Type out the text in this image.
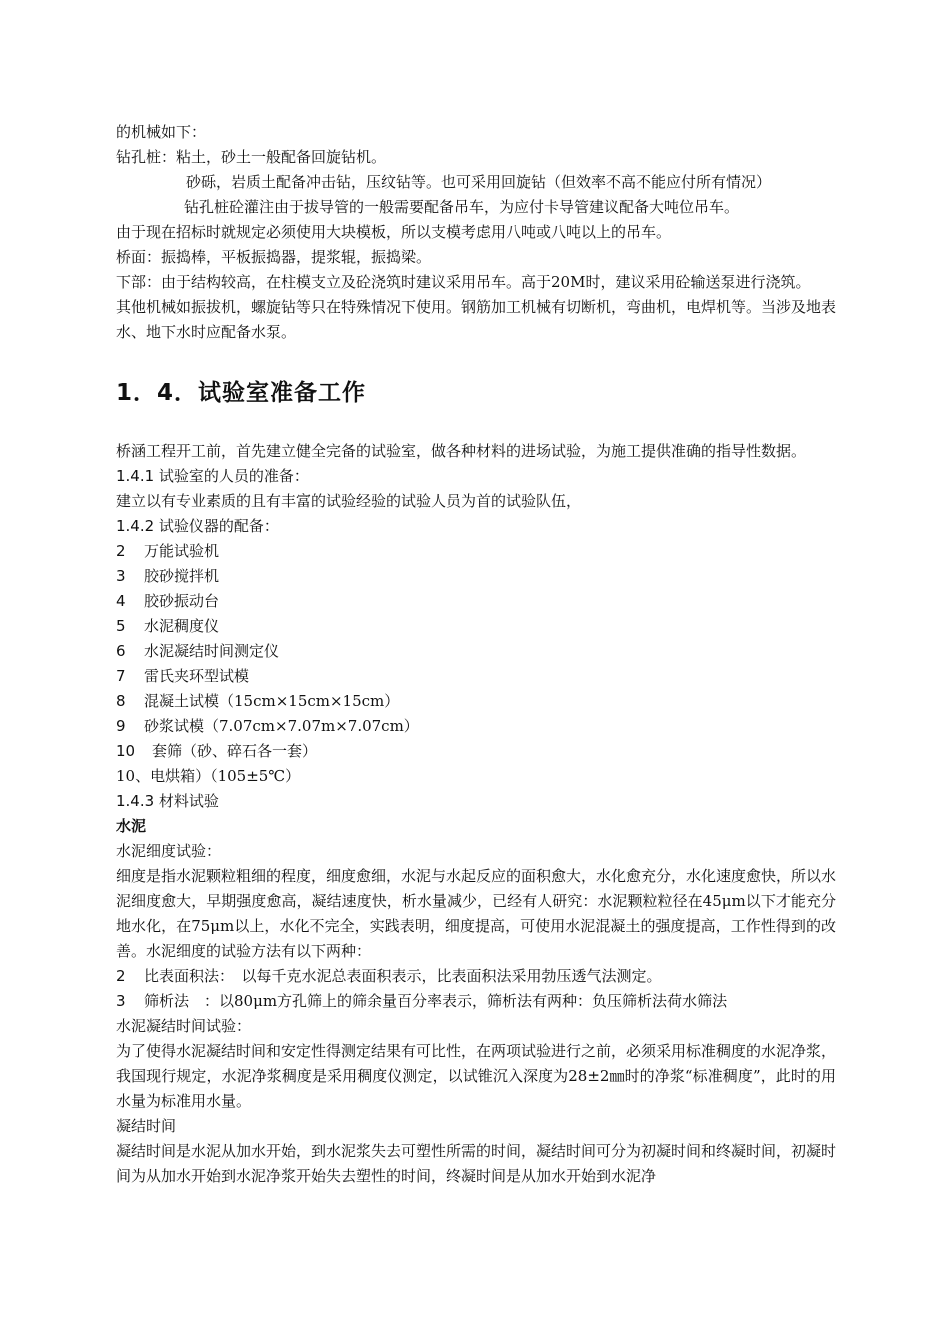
的机械如下：

钻孔桩：粘土，砂土一般配备回旋钻机。

砂砾，岩质土配备冲击钻，压纹钻等。也可采用回旋钻（但效率不高不能应付所有情况）

钻孔桩砼灌注由于拔导管的一般需要配备吊车，为应付卡导管建议配备大吨位吊车。

由于现在招标时就规定必须使用大块模板，所以支模考虑用八吨或八吨以上的吊车。

桥面：振捣棒，平板振捣器，提浆辊，振捣梁。

下部：由于结构较高，在柱模支立及砼浇筑时建议采用吊车。高于20M时，建议采用砼输送泵进行浇筑。

其他机械如振拔机，螺旋钻等只在特殊情况下使用。钢筋加工机械有切断机，弯曲机，电焊机等。当涉及地表水、地下水时应配备水泵。

1．4．试验室准备工作

桥涵工程开工前，首先建立健全完备的试验室，做各种材料的进场试验，为施工提供准确的指导性数据。

1.4.1 试验室的人员的准备：

建立以有专业素质的且有丰富的试验经验的试验人员为首的试验队伍，

1.4.2 试验仪器的配备：

2	万能试验机
3	胶砂搅拌机
4	胶砂振动台
5	水泥稠度仪
6	水泥凝结时间测定仪
7	雷氏夹环型试模
8	混凝土试模（15cm×15cm×15cm）
9	砂浆试模（7.07cm×7.07m×7.07cm）
10	套筛（砂、碎石各一套）

10、电烘箱）（105±5℃）

1.4.3 材料试验

水泥

水泥细度试验：

细度是指水泥颗粒粗细的程度，细度愈细，水泥与水起反应的面积愈大，水化愈充分，水化速度愈快，所以水泥细度愈大，早期强度愈高，凝结速度快，析水量减少，已经有人研究：水泥颗粒粒径在45μm以下才能充分地水化，在75μm以上，水化不完全，实践表明，细度提高，可使用水泥混凝土的强度提高，工作性得到的改善。水泥细度的试验方法有以下两种：

2	比表面积法：　以每千克水泥总表面积表示，比表面积法采用勃压透气法测定。
3	筛析法　：以80μm方孔筛上的筛余量百分率表示，筛析法有两种：负压筛析法荷水筛法

水泥凝结时间试验：

为了使得水泥凝结时间和安定性得测定结果有可比性，在两项试验进行之前，必须采用标准稠度的水泥净浆，我国现行规定，水泥净浆稠度是采用稠度仪测定，以试锥沉入深度为28±2㎜时的净浆“标准稠度”，此时的用水量为标准用水量。

凝结时间

凝结时间是水泥从加水开始，到水泥浆失去可塑性所需的时间，凝结时间可分为初凝时间和终凝时间，初凝时间为从加水开始到水泥净浆开始失去塑性的时间，终凝时间是从加水开始到水泥净
